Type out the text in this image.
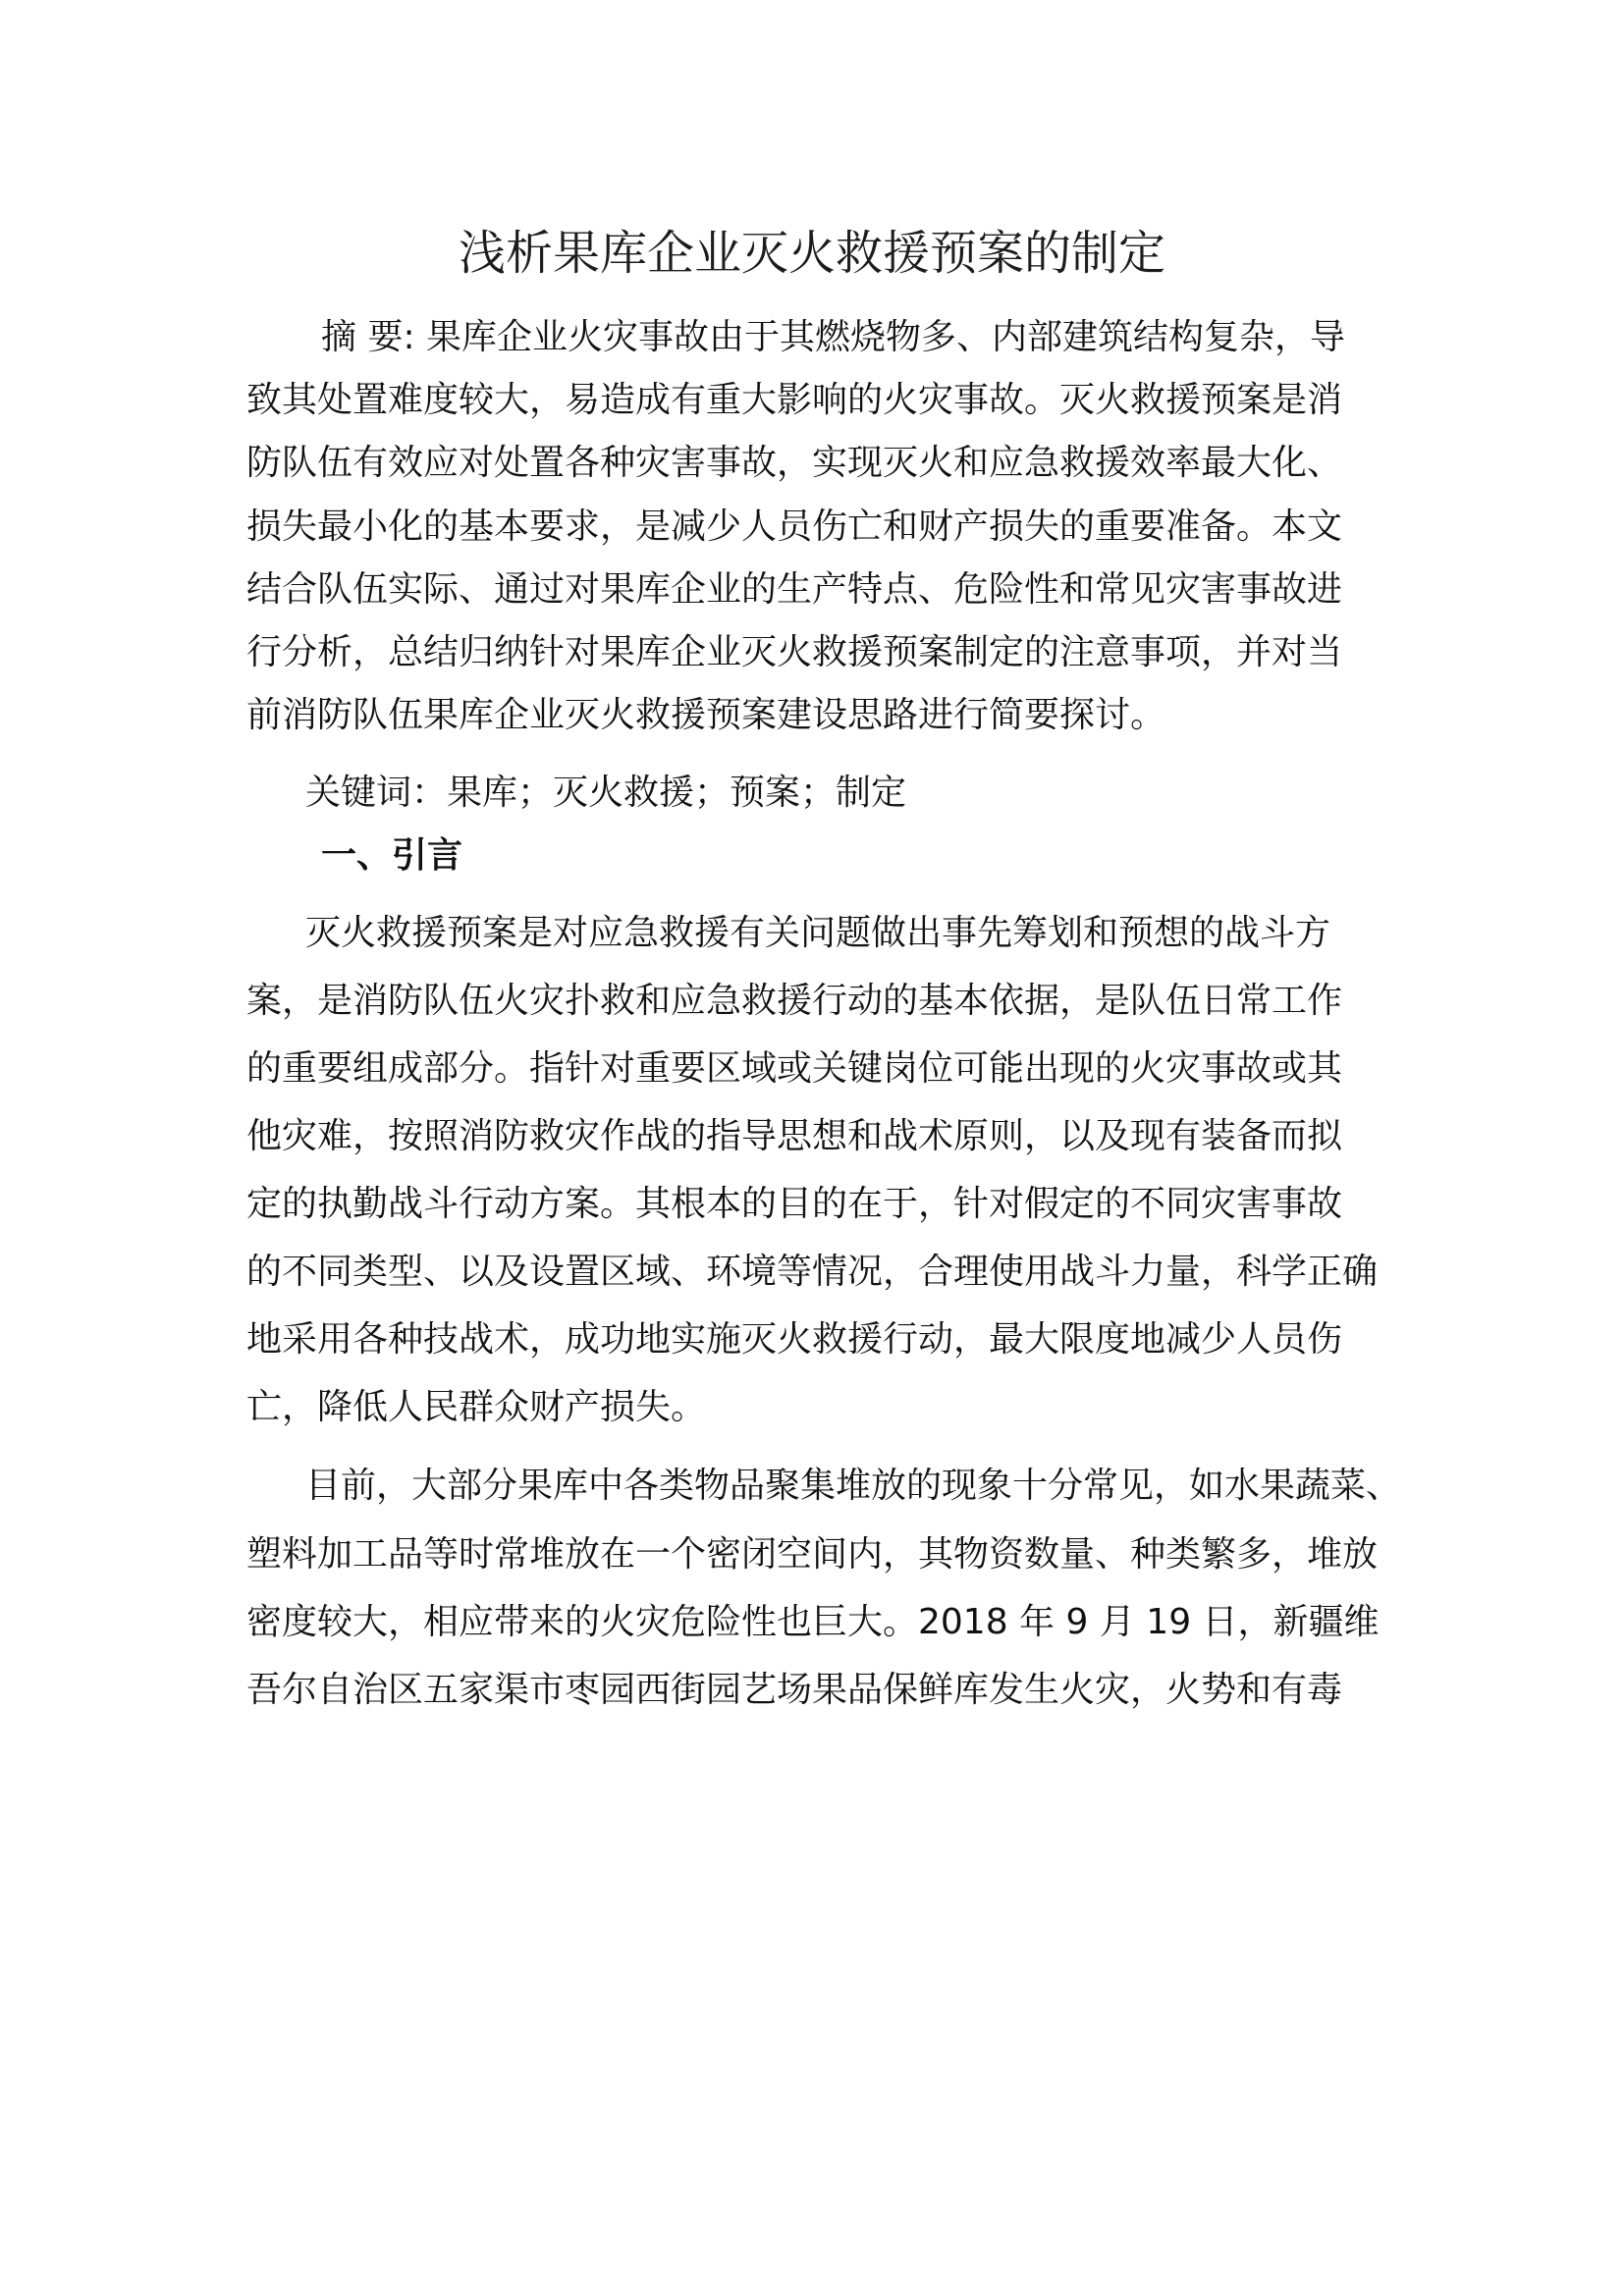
浅析果库企业灭火救援预案的制定
摘 要: 果库企业火灾事故由于其燃烧物多、内部建筑结构复杂，导
致其处置难度较大，易造成有重大影响的火灾事故。灭火救援预案是消
防队伍有效应对处置各种灾害事故，实现灭火和应急救援效率最大化、
损失最小化的基本要求，是减少人员伤亡和财产损失的重要准备。本文
结合队伍实际、通过对果库企业的生产特点、危险性和常见灾害事故进
行分析，总结归纳针对果库企业灭火救援预案制定的注意事项，并对当
前消防队伍果库企业灭火救援预案建设思路进行简要探讨。
关键词：果库；灭火救援；预案；制定
一、引言
灭火救援预案是对应急救援有关问题做出事先筹划和预想的战斗方
案，是消防队伍火灾扑救和应急救援行动的基本依据，是队伍日常工作
的重要组成部分。指针对重要区域或关键岗位可能出现的火灾事故或其
他灾难，按照消防救灾作战的指导思想和战术原则，以及现有装备而拟
定的执勤战斗行动方案。其根本的目的在于，针对假定的不同灾害事故
的不同类型、以及设置区域、环境等情况，合理使用战斗力量，科学正确
地采用各种技战术，成功地实施灭火救援行动，最大限度地减少人员伤
亡，降低人民群众财产损失。
目前，大部分果库中各类物品聚集堆放的现象十分常见，如水果蔬菜、
塑料加工品等时常堆放在一个密闭空间内，其物资数量、种类繁多，堆放
密度较大，相应带来的火灾危险性也巨大。2018 年 9 月 19 日，新疆维
吾尔自治区五家渠市枣园西街园艺场果品保鲜库发生火灾，火势和有毒
